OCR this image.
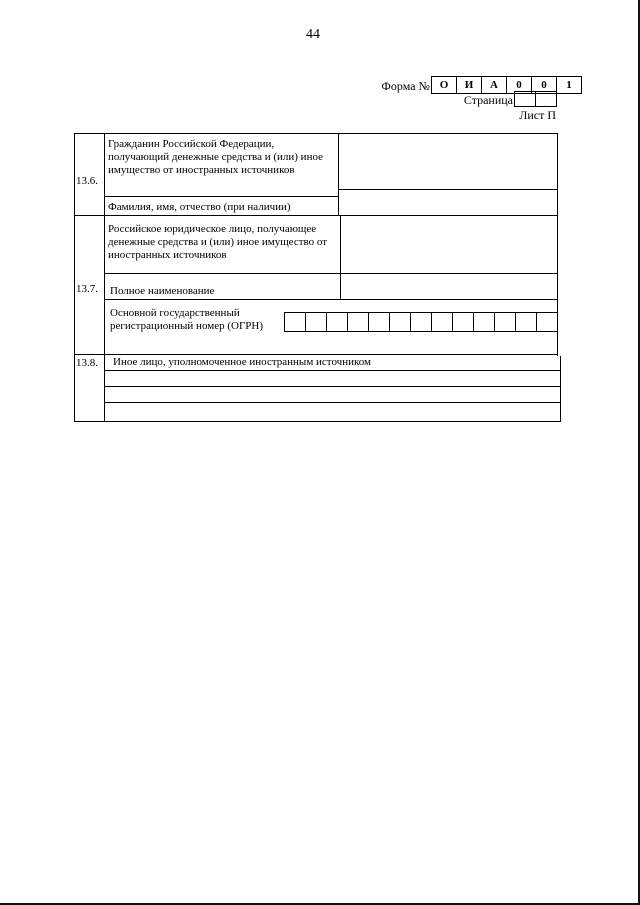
44
Форма № О	И	А	0	0	1
Страница
Лист П
13.6.
Гражданин Российской Федерации, получающий денежные средства и (или) иное имущество от иностранных источников
Фамилия, имя, отчество (при наличии)
13.7.
Российское юридическое лицо, получающее денежные средства и (или) иное имущество от иностранных источников
Полное наименование
Основной государственный регистрационный номер (ОГРН)
13.8. Иное лицо, уполномоченное иностранным источником
